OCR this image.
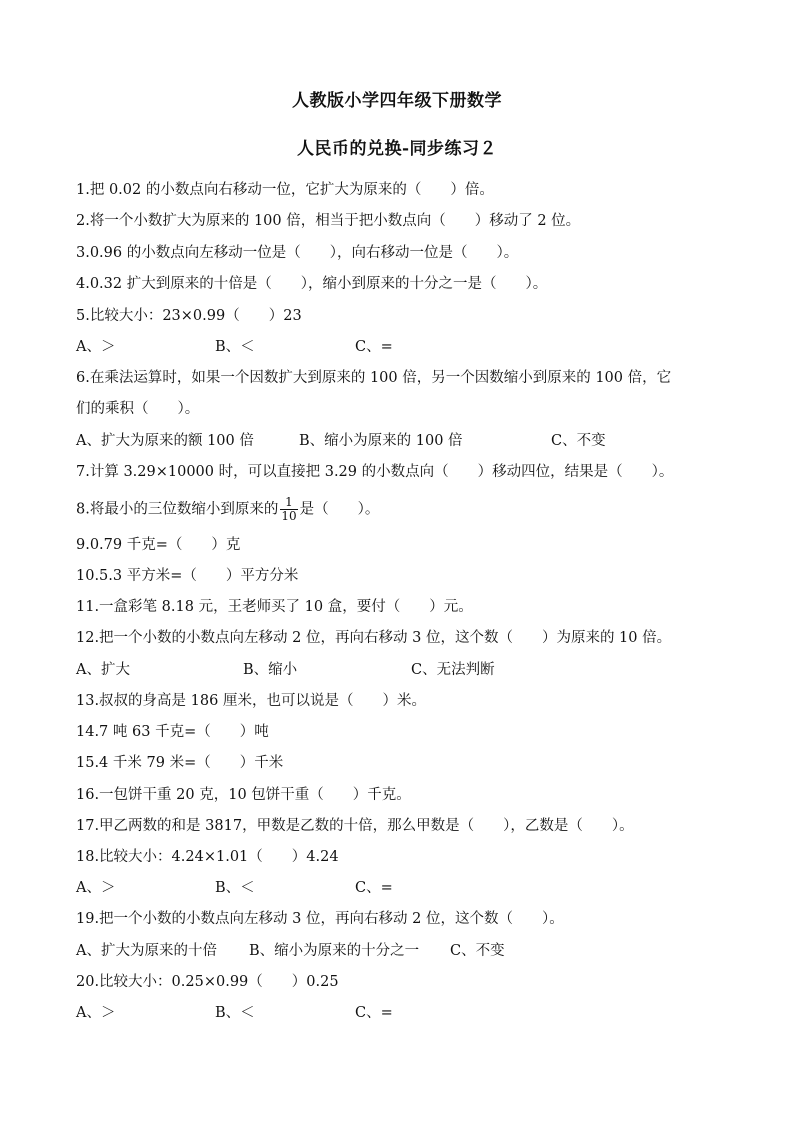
人教版小学四年级下册数学
人民币的兑换-同步练习２
1.把 0.02 的小数点向右移动一位，它扩大为原来的（　　）倍。
2.将一个小数扩大为原来的 100 倍，相当于把小数点向（　　）移动了 2 位。
3.0.96 的小数点向左移动一位是（　　），向右移动一位是（　　）。
4.0.32 扩大到原来的十倍是（　　），缩小到原来的十分之一是（　　）。
5.比较大小：23×0.99（　　）23
A、＞	B、＜	C、=
6.在乘法运算时，如果一个因数扩大到原来的 100 倍，另一个因数缩小到原来的 100 倍，它
们的乘积（　　）。
A、扩大为原来的额 100 倍	B、缩小为原来的 100 倍	C、不变
7.计算 3.29×10000 时，可以直接把 3.29 的小数点向（　　）移动四位，结果是（　　）。
8.将最小的三位数缩小到原来的 $\frac{1}{10}$ 是（　　）。
9.0.79 千克=（　　）克
10.5.3 平方米=（　　）平方分米
11.一盒彩笔 8.18 元，王老师买了 10 盒，要付（　　）元。
12.把一个小数的小数点向左移动 2 位，再向右移动 3 位，这个数（　　）为原来的 10 倍。
A、扩大	B、缩小	C、无法判断
13.叔叔的身高是 186 厘米，也可以说是（　　）米。
14.7 吨 63 千克=（　　）吨
15.4 千米 79 米=（　　）千米
16.一包饼干重 20 克，10 包饼干重（　　）千克。
17.甲乙两数的和是 3817，甲数是乙数的十倍，那么甲数是（　　），乙数是（　　）。
18.比较大小：4.24×1.01（　　）4.24
A、＞	B、＜	C、=
19.把一个小数的小数点向左移动 3 位，再向右移动 2 位，这个数（　　）。
A、扩大为原来的十倍 B、缩小为原来的十分之一 C、不变
20.比较大小：0.25×0.99（　　）0.25
A、＞	B、＜	C、=
